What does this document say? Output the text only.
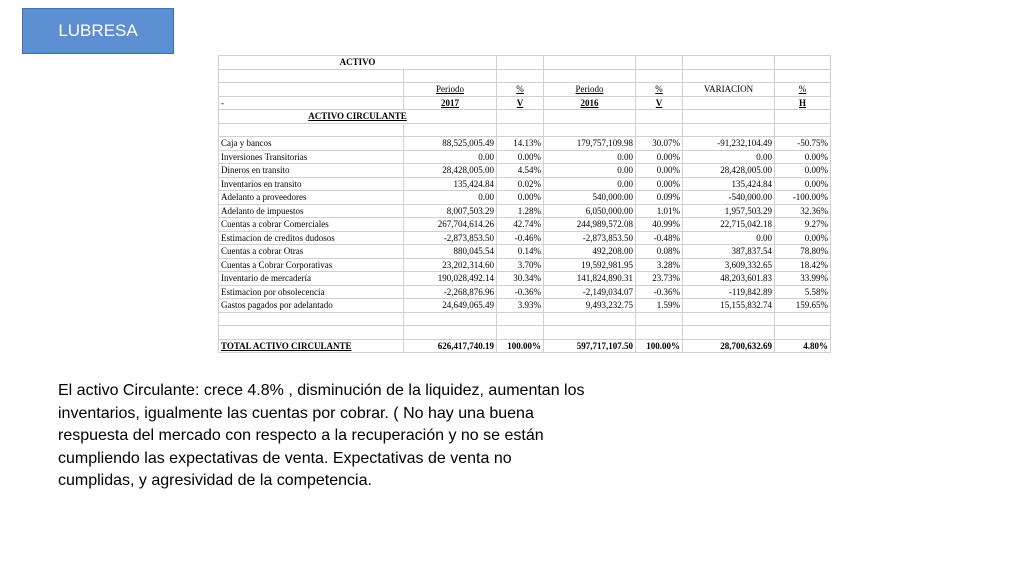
LUBRESA
ACTIVO						

	Periodo	%	Periodo	%	VARIACION	%
-	2017	V	2016	V		H
ACTIVO CIRCULANTE						

Caja y bancos	88,525,005.49	14.13%	179,757,109.98	30.07%	-91,232,104.49	-50.75%
Inversiones Transitorias	0.00	0.00%	0.00	0.00%	0.00	0.00%
Dineros en transito	28,428,005.00	4.54%	0.00	0.00%	28,428,005.00	0.00%
Inventarios en transito	135,424.84	0.02%	0.00	0.00%	135,424.84	0.00%
Adelanto a proveedores	0.00	0.00%	540,000.00	0.09%	-540,000.00	-100.00%
Adelanto de impuestos	8,007,503.29	1.28%	6,050,000.00	1.01%	1,957,503.29	32.36%
Cuentas a cobrar Comerciales	267,704,614.26	42.74%	244,989,572.08	40.99%	22,715,042.18	9.27%
Estimacion de creditos dudosos	-2,873,853.50	-0.46%	-2,873,853.50	-0.48%	0.00	0.00%
Cuentas a cobrar Otras	880,045.54	0.14%	492,208.00	0.08%	387,837.54	78.80%
Cuentas a Cobrar Corporativas	23,202,314.60	3.70%	19,592,981.95	3.28%	3,609,332.65	18.42%
Inventario de mercadería	190,028,492.14	30.34%	141,824,890.31	23.73%	48,203,601.83	33.99%
Estimacion por obsolecencia	-2,268,876.96	-0.36%	-2,149,034.07	-0.36%	-119,842.89	5.58%
Gastos pagados por adelantado	24,649,065.49	3.93%	9,493,232.75	1.59%	15,155,832.74	159.65%

TOTAL ACTIVO CIRCULANTE	626,417,740.19	100.00%	597,717,107.50	100.00%	28,700,632.69	4.80%
El activo Circulante: crece 4.8% , disminución de la liquidez, aumentan los inventarios, igualmente las cuentas por cobrar. ( No hay una buena respuesta del mercado con respecto a la recuperación y no se están cumpliendo las expectativas de venta. Expectativas de venta no cumplidas, y agresividad de la competencia.
